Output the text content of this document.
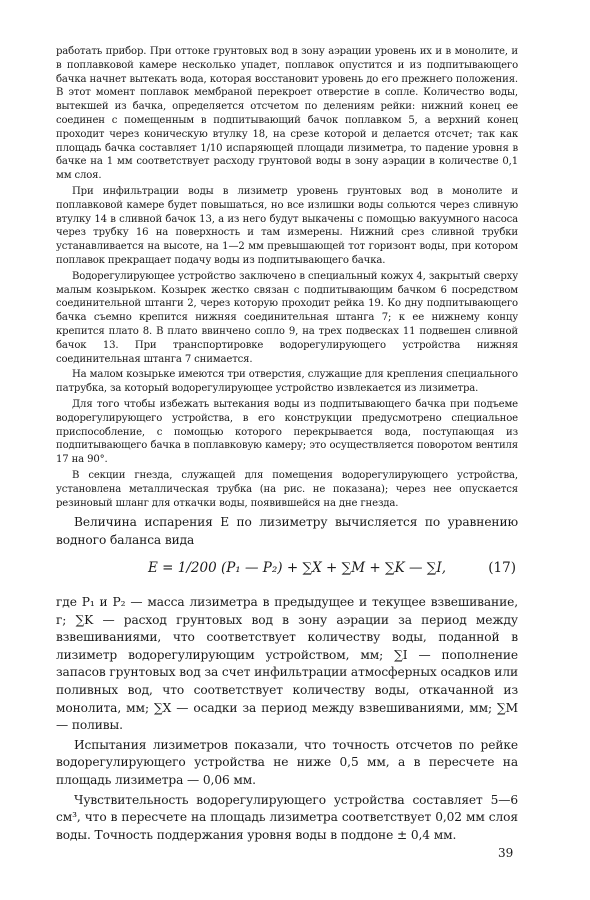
работать прибор. При оттоке грунтовых вод в зону аэрации уровень их и в монолите, и в поплавковой камере несколько упадет, поплавок опустится и из подпитывающего бачка начнет вытекать вода, которая восстановит уровень до его прежнего положения. В этот момент поплавок мембраной перекроет отверстие в сопле. Количество воды, вытекшей из бачка, определяется отсчетом по делениям рейки: нижний конец ее соединен с помещенным в подпитывающий бачок поплавком 5, а верхний конец проходит через коническую втулку 18, на срезе которой и делается отсчет; так как площадь бачка составляет 1/10 испаряющей площади лизиметра, то падение уровня в бачке на 1 мм соответствует расходу грунтовой воды в зону аэрации в количестве 0,1 мм слоя.

При инфильтрации воды в лизиметр уровень грунтовых вод в монолите и поплавковой камере будет повышаться, но все излишки воды сольются через сливную втулку 14 в сливной бачок 13, а из него будут выкачены с помощью вакуумного насоса через трубку 16 на поверхность и там измерены. Нижний срез сливной трубки устанавливается на высоте, на 1—2 мм превышающей тот горизонт воды, при котором поплавок прекращает подачу воды из подпитывающего бачка.

Водорегулирующее устройство заключено в специальный кожух 4, закрытый сверху малым козырьком. Козырек жестко связан с подпитывающим бачком 6 посредством соединительной штанги 2, через которую проходит рейка 19. Ко дну подпитывающего бачка съемно крепится нижняя соединительная штанга 7; к ее нижнему концу крепится плато 8. В плато ввинчено сопло 9, на трех подвесках 11 подвешен сливной бачок 13. При транспортировке водорегулирующего устройства нижняя соединительная штанга 7 снимается.

На малом козырьке имеются три отверстия, служащие для крепления специального патрубка, за который водорегулирующее устройство извлекается из лизиметра.

Для того чтобы избежать вытекания воды из подпитывающего бачка при подъеме водорегулирующего устройства, в его конструкции предусмотрено специальное приспособление, с помощью которого перекрывается вода, поступающая из подпитывающего бачка в поплавковую камеру; это осуществляется поворотом вентиля 17 на 90°.

В секции гнезда, служащей для помещения водорегулирующего устройства, установлена металлическая трубка (на рис. не показана); через нее опускается резиновый шланг для откачки воды, появившейся на дне гнезда.

Величина испарения E по лизиметру вычисляется по уравнению водного баланса вида

E = 1/200 (P₁ — P₂) + ∑X + ∑M + ∑K — ∑I,	(17)

где P₁ и P₂ — масса лизиметра в предыдущее и текущее взвешивание, г; ∑K — расход грунтовых вод в зону аэрации за период между взвешиваниями, что соответствует количеству воды, поданной в лизиметр водорегулирующим устройством, мм; ∑I — пополнение запасов грунтовых вод за счет инфильтрации атмосферных осадков или поливных вод, что соответствует количеству воды, откачанной из монолита, мм; ∑X — осадки за период между взвешиваниями, мм; ∑M — поливы.

Испытания лизиметров показали, что точность отсчетов по рейке водорегулирующего устройства не ниже 0,5 мм, а в пересчете на площадь лизиметра — 0,06 мм.

Чувствительность водорегулирующего устройства составляет 5—6 см³, что в пересчете на площадь лизиметра соответствует 0,02 мм слоя воды. Точность поддержания уровня воды в поддоне ± 0,4 мм.

39
